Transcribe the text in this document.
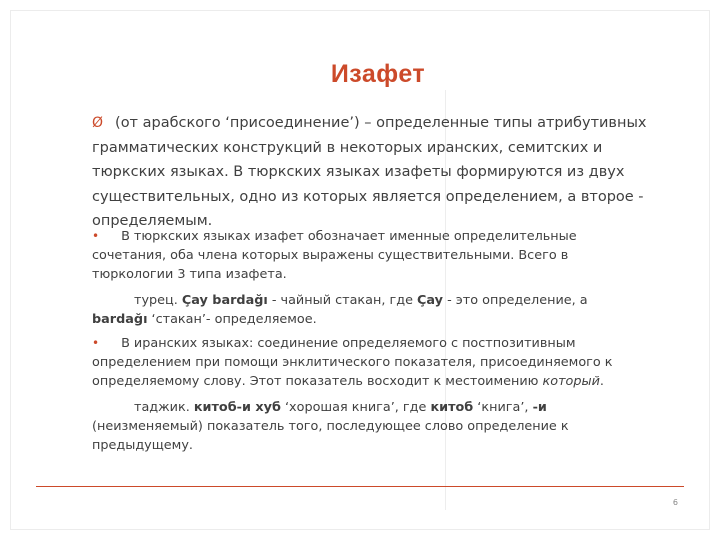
Изафет
Ø (от арабского ‘присоединение’) – определенные типы атрибутивных грамматических конструкций в некоторых иранских, семитских и тюркских языках. В тюркских языках изафеты формируются из двух существительных, одно из которых является определением, а второе - определяемым.
• В тюркских языках изафет обозначает именные определительные сочетания, оба члена которых выражены существительными. Всего в тюркологии 3 типа изафета.
турец. Çay bardağı - чайный стакан, где Çay - это определение, а bardağı ‘стакан’- определяемое.
• В иранских языках: соединение определяемого с постпозитивным определением при помощи энклитического показателя, присоединяемого к определяемому слову. Этот показатель восходит к местоимению который.
таджик. китоб-и хуб ‘хорошая книга’, где китоб ‘книга’, -и (неизменяемый) показатель того, последующее слово определение к предыдущему.
6
